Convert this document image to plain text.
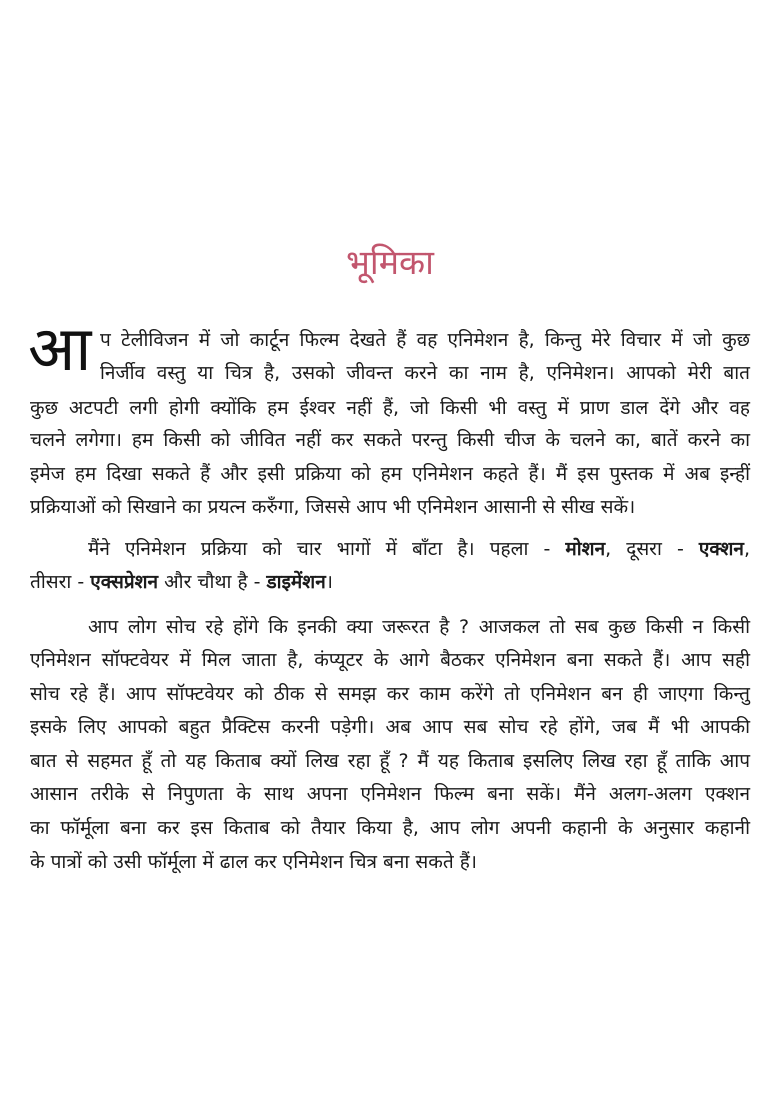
भूमिका
आ प टेलीविजन में जो कार्टून फिल्म देखते हैं वह एनिमेशन है, किन्तु मेरे विचार में जो कुछ
निर्जीव वस्तु या चित्र है, उसको जीवन्त करने का नाम है, एनिमेशन। आपको मेरी बात
कुछ अटपटी लगी होगी क्योंकि हम ईश्वर नहीं हैं, जो किसी भी वस्तु में प्राण डाल देंगे और वह
चलने लगेगा। हम किसी को जीवित नहीं कर सकते परन्तु किसी चीज के चलने का, बातें करने का
इमेज हम दिखा सकते हैं और इसी प्रक्रिया को हम एनिमेशन कहते हैं। मैं इस पुस्तक में अब इन्हीं
प्रक्रियाओं को सिखाने का प्रयत्न करुँगा, जिससे आप भी एनिमेशन आसानी से सीख सकें।
मैंने एनिमेशन प्रक्रिया को चार भागों में बाँटा है। पहला - मोशन, दूसरा - एक्शन,
तीसरा - एक्सप्रेशन और चौथा है - डाइमेंशन।
आप लोग सोच रहे होंगे कि इनकी क्या जरूरत है ? आजकल तो सब कुछ किसी न किसी
एनिमेशन सॉफ्टवेयर में मिल जाता है, कंप्यूटर के आगे बैठकर एनिमेशन बना सकते हैं। आप सही
सोच रहे हैं। आप सॉफ्टवेयर को ठीक से समझ कर काम करेंगे तो एनिमेशन बन ही जाएगा किन्तु
इसके लिए आपको बहुत प्रैक्टिस करनी पड़ेगी। अब आप सब सोच रहे होंगे, जब मैं भी आपकी
बात से सहमत हूँ तो यह किताब क्यों लिख रहा हूँ ? मैं यह किताब इसलिए लिख रहा हूँ ताकि आप
आसान तरीके से निपुणता के साथ अपना एनिमेशन फिल्म बना सकें। मैंने अलग-अलग एक्शन
का फॉर्मूला बना कर इस किताब को तैयार किया है, आप लोग अपनी कहानी के अनुसार कहानी
के पात्रों को उसी फॉर्मूला में ढाल कर एनिमेशन चित्र बना सकते हैं।
